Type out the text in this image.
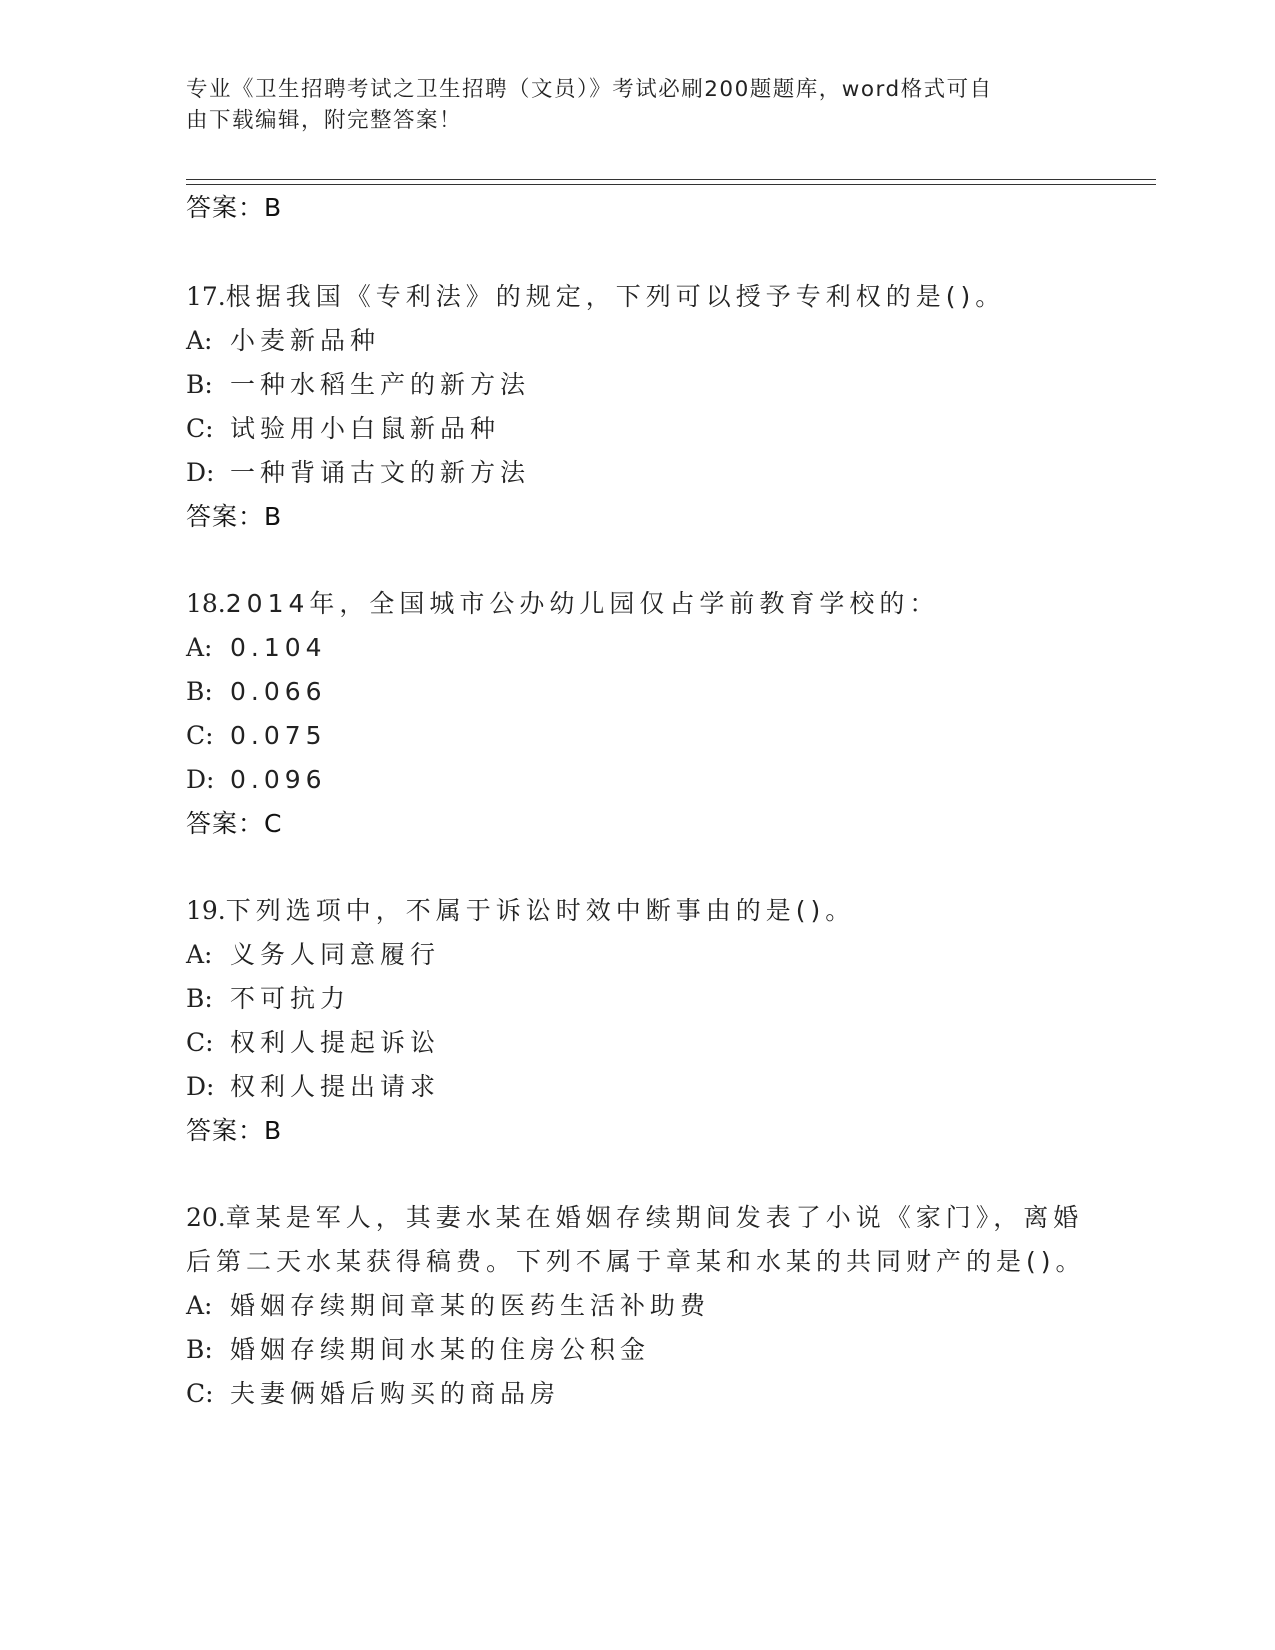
专业《卫生招聘考试之卫生招聘（文员）》考试必刷200题题库，word格式可自
由下载编辑，附完整答案！
答案：B
17.根据我国《专利法》的规定，下列可以授予专利权的是()。
A: 小麦新品种
B: 一种水稻生产的新方法
C: 试验用小白鼠新品种
D: 一种背诵古文的新方法
答案：B
18.2014年，全国城市公办幼儿园仅占学前教育学校的：
A: 0.104
B: 0.066
C: 0.075
D: 0.096
答案：C
19.下列选项中，不属于诉讼时效中断事由的是()。
A: 义务人同意履行
B: 不可抗力
C: 权利人提起诉讼
D: 权利人提出请求
答案：B
20.章某是军人，其妻水某在婚姻存续期间发表了小说《家门》，离婚
后第二天水某获得稿费。下列不属于章某和水某的共同财产的是()。
A: 婚姻存续期间章某的医药生活补助费
B: 婚姻存续期间水某的住房公积金
C: 夫妻俩婚后购买的商品房
